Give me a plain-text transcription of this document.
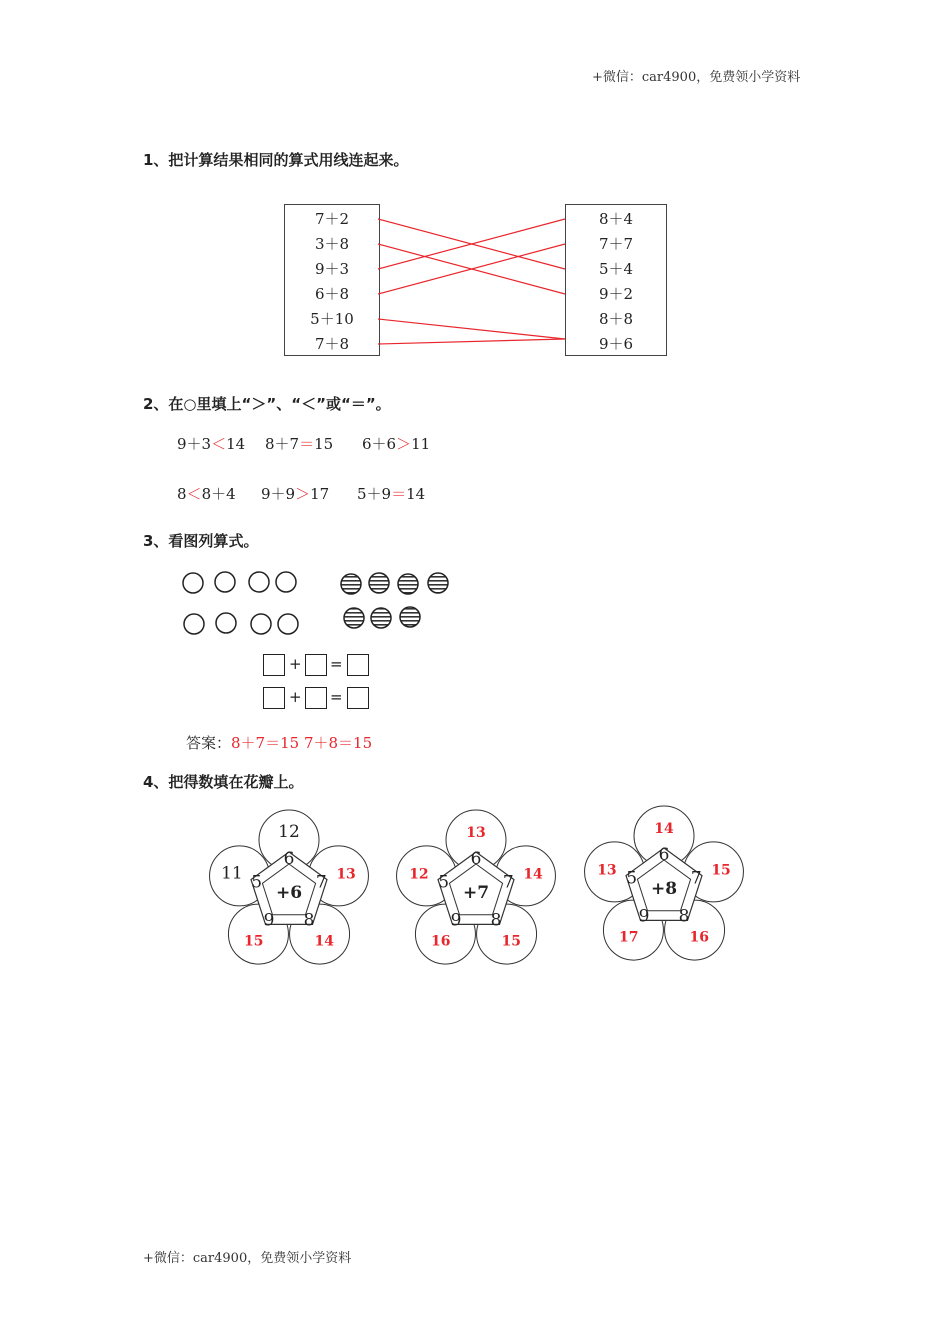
+微信：car4900，免费领小学资料
1、把计算结果相同的算式用线连起来。
7＋2
3＋8
9＋3
6＋8
5＋10
7＋8
8＋4
7＋7
5＋4
9＋2
8＋8
9＋6
2、在○里填上“＞”、“＜”或“＝”。
9＋3＜14 8＋7＝15 6＋6＞11
8＜8＋4 9＋9＞17 5＋9＝14
3、看图列算式。
+ =
+ =
答案：8＋7＝15 7＋8＝15
4、把得数填在花瓣上。
+6
6
7
8
9
5
12
13
14
15
11
+7
6
7
8
9
5
13
14
15
16
12
+8
6
7
8
9
5
14
15
16
17
13
+微信：car4900，免费领小学资料
